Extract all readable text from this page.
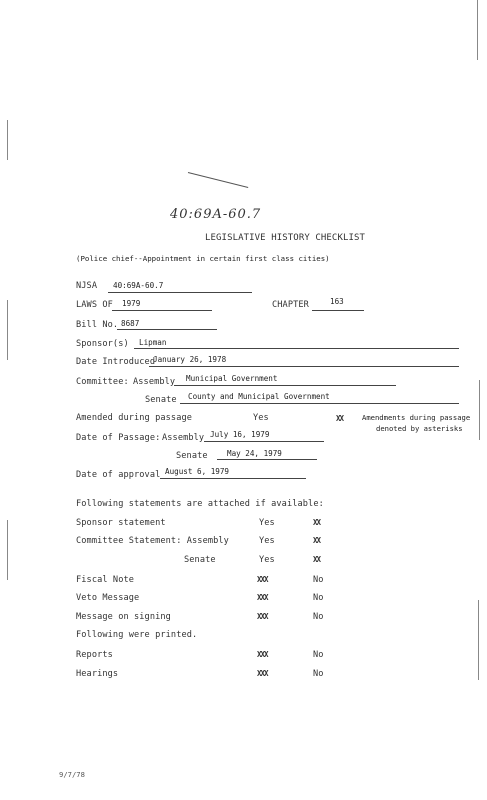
40:69A-60.7
LEGISLATIVE HISTORY CHECKLIST
(Police chief--Appointment in certain first class cities)
NJSA 40:69A-60.7
LAWS OF 1979	CHAPTER	163
Bill No. 8687
Sponsor(s) Lipman
Date Introduced
January 26, 1978
Committee: Assembly Municipal Government
Senate County and Municipal Government
Amended during passage	Yes	XX	Amendments during passage
denoted by asterisks
Date of Passage: Assembly July 16, 1979
Senate	May 24, 1979
Date of approval August 6, 1979
Following statements are attached if available:
Sponsor statement	Yes	XX
Committee Statement: Assembly	Yes	XX
Senate	Yes	XX
Fiscal Note	XXX	No
Veto Message	XXX	No
Message on signing	XXX	No
Following were printed.
Reports	XXX	No
Hearings	XXX	No
9/7/78
